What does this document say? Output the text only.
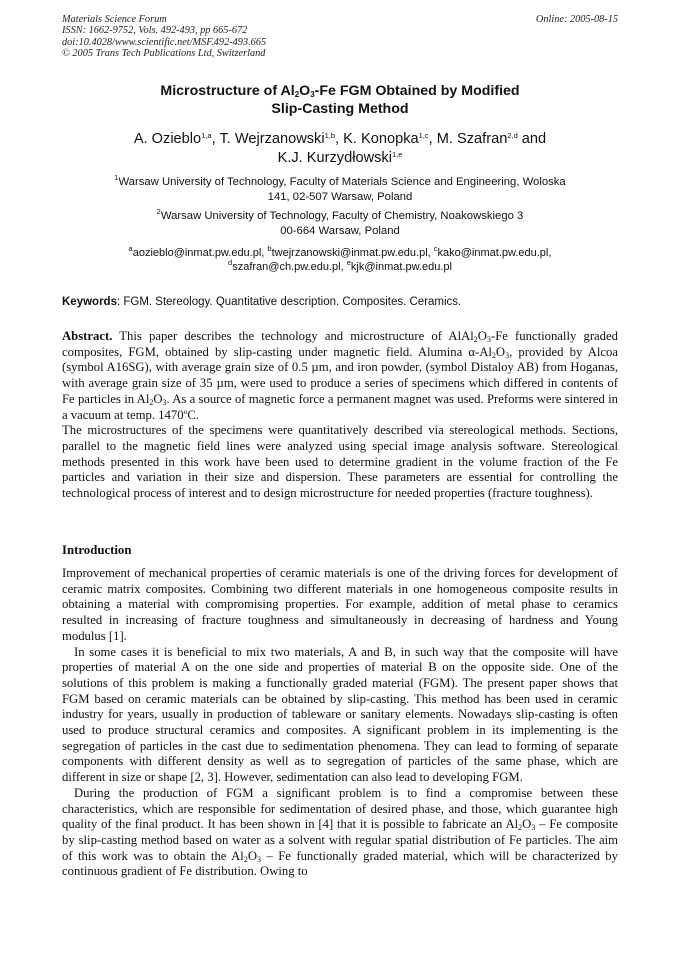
Materials Science Forum
ISSN: 1662-9752, Vols. 492-493, pp 665-672
doi:10.4028/www.scientific.net/MSF.492-493.665
© 2005 Trans Tech Publications Ltd, Switzerland
Online: 2005-08-15
Microstructure of $Al_2O_3-Fe$ FGM Obtained by Modified
Slip-Casting Method
A. Ozieblo$^{1,a}$, T. Wejrzanowski$^{1,b}$, K. Konopka$^{1,c}$, M. Szafran$^{2,d}$ and
K.J. Kurzydłowski$^{1,e}$
$^1$Warsaw University of Technology, Faculty of Materials Science and Engineering, Woloska
141, 02-507 Warsaw, Poland
$^2$Warsaw University of Technology, Faculty of Chemistry, Noakowskiego 3
00-664 Warsaw, Poland
$^a$aozieblo@inmat.pw.edu.pl, $^b$twejrzanowski@inmat.pw.edu.pl, $^c$kako@inmat.pw.edu.pl,
$^d$szafran@ch.pw.edu.pl, $^e$kjk@inmat.pw.edu.pl
Keywords: FGM. Stereology. Quantitative description. Composites. Ceramics.

Abstract. This paper describes the technology and microstructure of $AlAl_2O_3-Fe$ functionally graded composites, FGM, obtained by slip-casting under magnetic field. Alumina $\alpha-Al_2O_3$, provided by Alcoa (symbol A16SG), with average grain size of 0.5 µm, and iron powder, (symbol Distaloy AB) from Hoganas, with average grain size of 35 µm, were used to produce a series of specimens which differed in contents of Fe particles in $Al_2O_3$. As a source of magnetic force a permanent magnet was used. Preforms were sintered in a vacuum at temp. 1470$^o$C.

The microstructures of the specimens were quantitatively described via stereological methods. Sections, parallel to the magnetic field lines were analyzed using special image analysis software. Stereological methods presented in this work have been used to determine gradient in the volume fraction of the Fe particles and variation in their size and dispersion. These parameters are essential for controlling the technological process of interest and to design microstructure for needed properties (fracture toughness).

Introduction

Improvement of mechanical properties of ceramic materials is one of the driving forces for development of ceramic matrix composites. Combining two different materials in one homogeneous composite results in obtaining a material with compromising properties. For example, addition of metal phase to ceramics resulted in increasing of fracture toughness and simultaneously in decreasing of hardness and Young modulus [1].

In some cases it is beneficial to mix two materials, A and B, in such way that the composite will have properties of material A on the one side and properties of material B on the opposite side. One of the solutions of this problem is making a functionally graded material (FGM). The present paper shows that FGM based on ceramic materials can be obtained by slip-casting. This method has been used in ceramic industry for years, usually in production of tableware or sanitary elements. Nowadays slip-casting is often used to produce structural ceramics and composites. A significant problem in its implementing is the segregation of particles in the cast due to sedimentation phenomena. They can lead to forming of separate components with different density as well as to segregation of particles of the same phase, which are different in size or shape [2, 3]. However, sedimentation can also lead to developing FGM.

During the production of FGM a significant problem is to find a compromise between these characteristics, which are responsible for sedimentation of desired phase, and those, which guarantee high quality of the final product. It has been shown in [4] that it is possible to fabricate an $Al_2O_3$ – Fe composite by slip-casting method based on water as a solvent with regular spatial distribution of Fe particles. The aim of this work was to obtain the $Al_2O_3$ – Fe functionally graded material, which will be characterized by continuous gradient of Fe distribution. Owing to
